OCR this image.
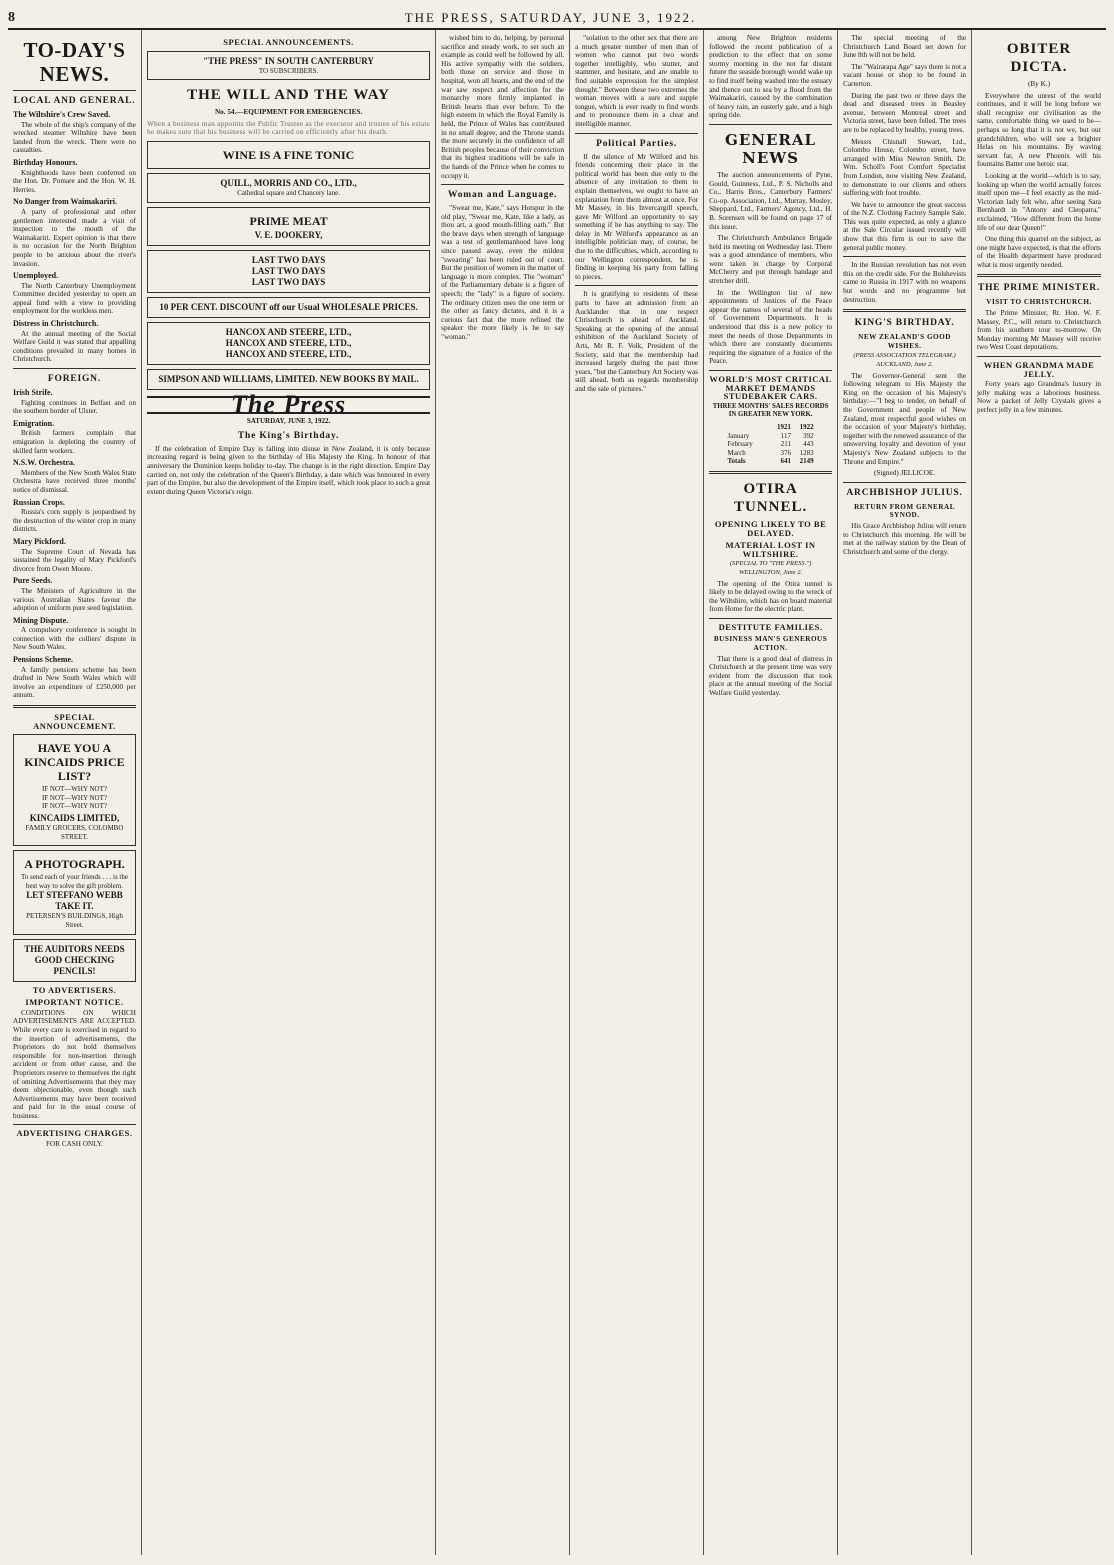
8	THE PRESS, SATURDAY, JUNE 3, 1922.
TO-DAY'S NEWS.
LOCAL AND GENERAL.
The Wiltshire's Crew Saved.

The whole of the ship's company of the wrecked steamer Wiltshire have been landed from the wreck. There were no casualties.

Birthday Honours.

Knighthoods have been conferred on the Hon. Dr. Pomare and the Hon. W. H. Herries.

No Danger from Waimakariri.

A party of professional and other gentlemen interested made a visit of inspection to the mouth of the Waimakariri. Expert opinion is that there is no occasion for the North Brighton people to be anxious about the river's invasion.

Unemployed.

The North Canterbury Unemployment Committee decided yesterday to open an appeal fund with a view to providing employment for the workless men.

Distress in Christchurch.

At the annual meeting of the Social Welfare Guild it was stated that appalling conditions prevailed in many homes in Christchurch.

FOREIGN.
Irish Strife.

Fighting continues in Belfast and on the southern border of Ulster.

Emigration.

British farmers complain that emigration is depleting the country of skilled farm workers.

N.S.W. Orchestra.

Members of the New South Wales State Orchestra have received three months' notice of dismissal.

Russian Crops.

Russia's corn supply is jeopardised by the destruction of the winter crop in many districts.

Mary Pickford.

The Supreme Court of Nevada has sustained the legality of Mary Pickford's divorce from Owen Moore.

Pure Seeds.

The Ministers of Agriculture in the various Australian States favour the adoption of uniform pure seed legislation.

Mining Dispute.

A compulsory conference is sought in connection with the colliers' dispute in New South Wales.

Pensions Scheme.

A family pensions scheme has been drafted in New South Wales which will involve an expenditure of £250,000 per annum.

SPECIAL ANNOUNCEMENT.
HAVE YOU A KINCAIDS PRICE LIST?
IF NOT—WHY NOT?
IF NOT—WHY NOT?
IF NOT—WHY NOT?
KINCAIDS LIMITED,
FAMILY GROCERS, COLOMBO STREET.
A PHOTOGRAPH.
To send each of your friends . . . is the best way to solve the gift problem.
LET STEFFANO WEBB TAKE IT.
PETERSEN'S BUILDINGS, High Street.
THE AUDITORS NEEDS GOOD CHECKING PENCILS!
TO ADVERTISERS.
IMPORTANT NOTICE.

CONDITIONS ON WHICH ADVERTISEMENTS ARE ACCEPTED. While every care is exercised in regard to the insertion of advertisements, the Proprietors do not hold themselves responsible for non-insertion through accident or from other cause, and the Proprietors reserve to themselves the right of omitting Advertisements that they may deem objectionable, even though such Advertisements may have been received and paid for in the usual course of business.

ADVERTISING CHARGES.
FOR CASH ONLY.
SPECIAL ANNOUNCEMENTS.
"THE PRESS" IN SOUTH CANTERBURY
TO SUBSCRIBERS.
THE WILL AND THE WAY
No. 54.—EQUIPMENT FOR EMERGENCIES.
When a business man appoints the Public Trustee as the executor and trustee of his estate
he makes sure that his business will be carried on efficiently after his death.
WINE IS A FINE TONIC
QUILL, MORRIS AND CO., LTD.,
Cathedral square and Chancery lane.
PRIME MEAT
V. E. DOOKERY,
LAST TWO DAYS
LAST TWO DAYS
LAST TWO DAYS
10 PER CENT. DISCOUNT off our Usual WHOLESALE PRICES.
HANCOX AND STEERE, LTD.,
HANCOX AND STEERE, LTD.,
HANCOX AND STEERE, LTD.,
SIMPSON AND WILLIAMS, LIMITED. NEW BOOKS BY MAIL.
The Press
SATURDAY, JUNE 3, 1922.
The King's Birthday.

If the celebration of Empire Day is falling into disuse in New Zealand, it is only because increasing regard is being given to the birthday of His Majesty the King. In honour of that anniversary the Dominion keeps holiday to-day. The change is in the right direction. Empire Day carried on, not only the celebration of the Queen's Birthday, a date which was honoured in every part of the Empire, but also the development of the Empire itself, which took place to such a great extent during Queen Victoria's reign.

wished him to do, helping, by personal sacrifice and steady work, to set such an example as could well be followed by all. His active sympathy with the soldiers, both those on service and those in hospital, won all hearts, and the end of the war saw respect and affection for the monarchy more firmly implanted in British hearts than ever before. To the high esteem in which the Royal Family is held, the Prince of Wales has contributed in no small degree, and the Throne stands the more securely in the confidence of all British peoples because of their conviction that its highest traditions will be safe in the hands of the Prince when he comes to occupy it.

Woman and Language.

"Swear me, Kate," says Hotspur in the old play, "Swear me, Kate, like a lady, as thou art, a good mouth-filling oath." But the brave days when strength of language was a test of gentlemanhood have long since passed away, even the mildest "swearing" has been ruled out of court. But the position of women in the matter of language is more complex. The "woman" of the Parliamentary debate is a figure of speech; the "lady" is a figure of society. The ordinary citizen uses the one term or the other as fancy dictates, and it is a curious fact that the more refined the speaker the more likely is he to say "woman."

"solation to the other sex that there are a much greater number of men than of women who cannot put two words together intelligibly, who stutter, and stammer, and hesitate, and are unable to find suitable expression for the simplest thought." Between these two extremes the woman moves with a sure and supple tongue, which is ever ready to find words and to pronounce them in a clear and intelligible manner.

Political Parties.

If the silence of Mr Wilford and his friends concerning their place in the political world has been due only to the absence of any invitation to them to explain themselves, we ought to have an explanation from them almost at once. For Mr Massey, in his Invercargill speech, gave Mr Wilford an opportunity to say something if he has anything to say. The delay in Mr Wilford's appearance as an intelligible politician may, of course, be due to the difficulties, which, according to our Wellington correspondent, he is finding in keeping his party from falling to pieces.

It is gratifying to residents of these parts to have an admission from an Aucklander that in one respect Christchurch is ahead of Auckland. Speaking at the opening of the annual exhibition of the Auckland Society of Arts, Mr R. F. Volk, President of the Society, said that the membership had increased largely during the past three years, "but the Canterbury Art Society was still ahead, both as regards membership and the sale of pictures."

among New Brighton residents followed the recent publication of a prediction to the effect that on some stormy morning in the not far distant future the seaside borough would wake up to find itself being washed into the estuary and thence out to sea by a flood from the Waimakariri, caused by the combination of heavy rain, an easterly gale, and a high spring tide.

GENERAL NEWS

The auction announcements of Pyne, Gould, Guinness, Ltd., P. S. Nicholls and Co., Harris Bros., Canterbury Farmers' Co-op. Association, Ltd., Murray, Mosley, Sheppard, Ltd., Farmers' Agency, Ltd., H. B. Sorensen will be found on page 17 of this issue.

The Christchurch Ambulance Brigade held its meeting on Wednesday last. There was a good attendance of members, who were taken in charge by Corporal McCherry and put through bandage and stretcher drill.

In the Wellington list of new appointments of Justices of the Peace appear the names of several of the heads of Government Departments. It is understood that this is a new policy to meet the needs of those Departments in which there are constantly documents requiring the signature of a Justice of the Peace.

WORLD'S MOST CRITICAL MARKET DEMANDS STUDEBAKER CARS.
THREE MONTHS' SALES RECORDS IN GREATER NEW YORK.
	1921	1922
January	117	392
February	211	443
March	376	1283
Totals	641	2149
OTIRA TUNNEL.
OPENING LIKELY TO BE DELAYED.
MATERIAL LOST IN WILTSHIRE.
(SPECIAL TO "THE PRESS.") WELLINGTON, June 2.

The opening of the Otira tunnel is likely to be delayed owing to the wreck of the Wiltshire, which has on board material from Home for the electric plant.

DESTITUTE FAMILIES.
BUSINESS MAN'S GENEROUS ACTION.

That there is a good deal of distress in Christchurch at the present time was very evident from the discussion that took place at the annual meeting of the Social Welfare Guild yesterday.

The special meeting of the Christchurch Land Board set down for June 8th will not be held.

The "Wairarapa Age" says there is not a vacant house or shop to be found in Carterton.

During the past two or three days the dead and diseased trees in Beasley avenue, between Montreal street and Victoria street, have been felled. The trees are to be replaced by healthy, young trees.

Messrs Chisnall Stewart, Ltd., Colombo House, Colombo street, have arranged with Miss Newton Smith, Dr. Wm. Scholl's Foot Comfort Specialist from London, now visiting New Zealand, to demonstrate to our clients and others suffering with foot trouble.

We have to announce the great success of the N.Z. Clothing Factory Sample Sale. This was quite expected, as only a glance at the Sale Circular issued recently will show that this firm is out to save the general public money.

In the Russian revolution has not even this on the credit side. For the Bolshevists came to Russia in 1917 with no weapons but words and no programme but destruction.

KING'S BIRTHDAY.
NEW ZEALAND'S GOOD WISHES.
(PRESS ASSOCIATION TELEGRAM.) AUCKLAND, June 2.

The Governor-General sent the following telegram to His Majesty the King on the occasion of his Majesty's birthday:—"I beg to tender, on behalf of the Government and people of New Zealand, most respectful good wishes on the occasion of your Majesty's birthday, together with the renewed assurance of the unswerving loyalty and devotion of your Majesty's New Zealand subjects to the Throne and Empire."

(Signed) JELLICOE.
ARCHBISHOP JULIUS.
RETURN FROM GENERAL SYNOD.

His Grace Archbishop Julius will return to Christchurch this morning. He will be met at the railway station by the Dean of Christchurch and some of the clergy.

OBITER DICTA.
(By K.)

Everywhere the unrest of the world continues, and it will be long before we shall recognise our civilisation as the same, comfortable thing we used to be—perhaps so long that it is not we, but our grandchildren, who will see a brighter Helas on his mountains. By waving servant far, A new Phoenix will his fountains Batter one heroic star.

Looking at the world—which is to say, looking up when the world actually forces itself upon me—I feel exactly as the mid-Victorian lady felt who, after seeing Sara Bernhardt in "Antony and Cleopatra," exclaimed, "How different from the home life of our dear Queen!"

One thing this quarrel on the subject, as one might have expected, is that the efforts of the Health department have produced what is most urgently needed.

THE PRIME MINISTER.
VISIT TO CHRISTCHURCH.

The Prime Minister, Rt. Hon. W. F. Massey, P.C., will return to Christchurch from his southern tour to-morrow. On Monday morning Mr Massey will receive two West Coast deputations.

WHEN GRANDMA MADE JELLY.

Forty years ago Grandma's luxury in jelly making was a laborious business. Now a packet of Jelly Crystals gives a perfect jelly in a few minutes.
